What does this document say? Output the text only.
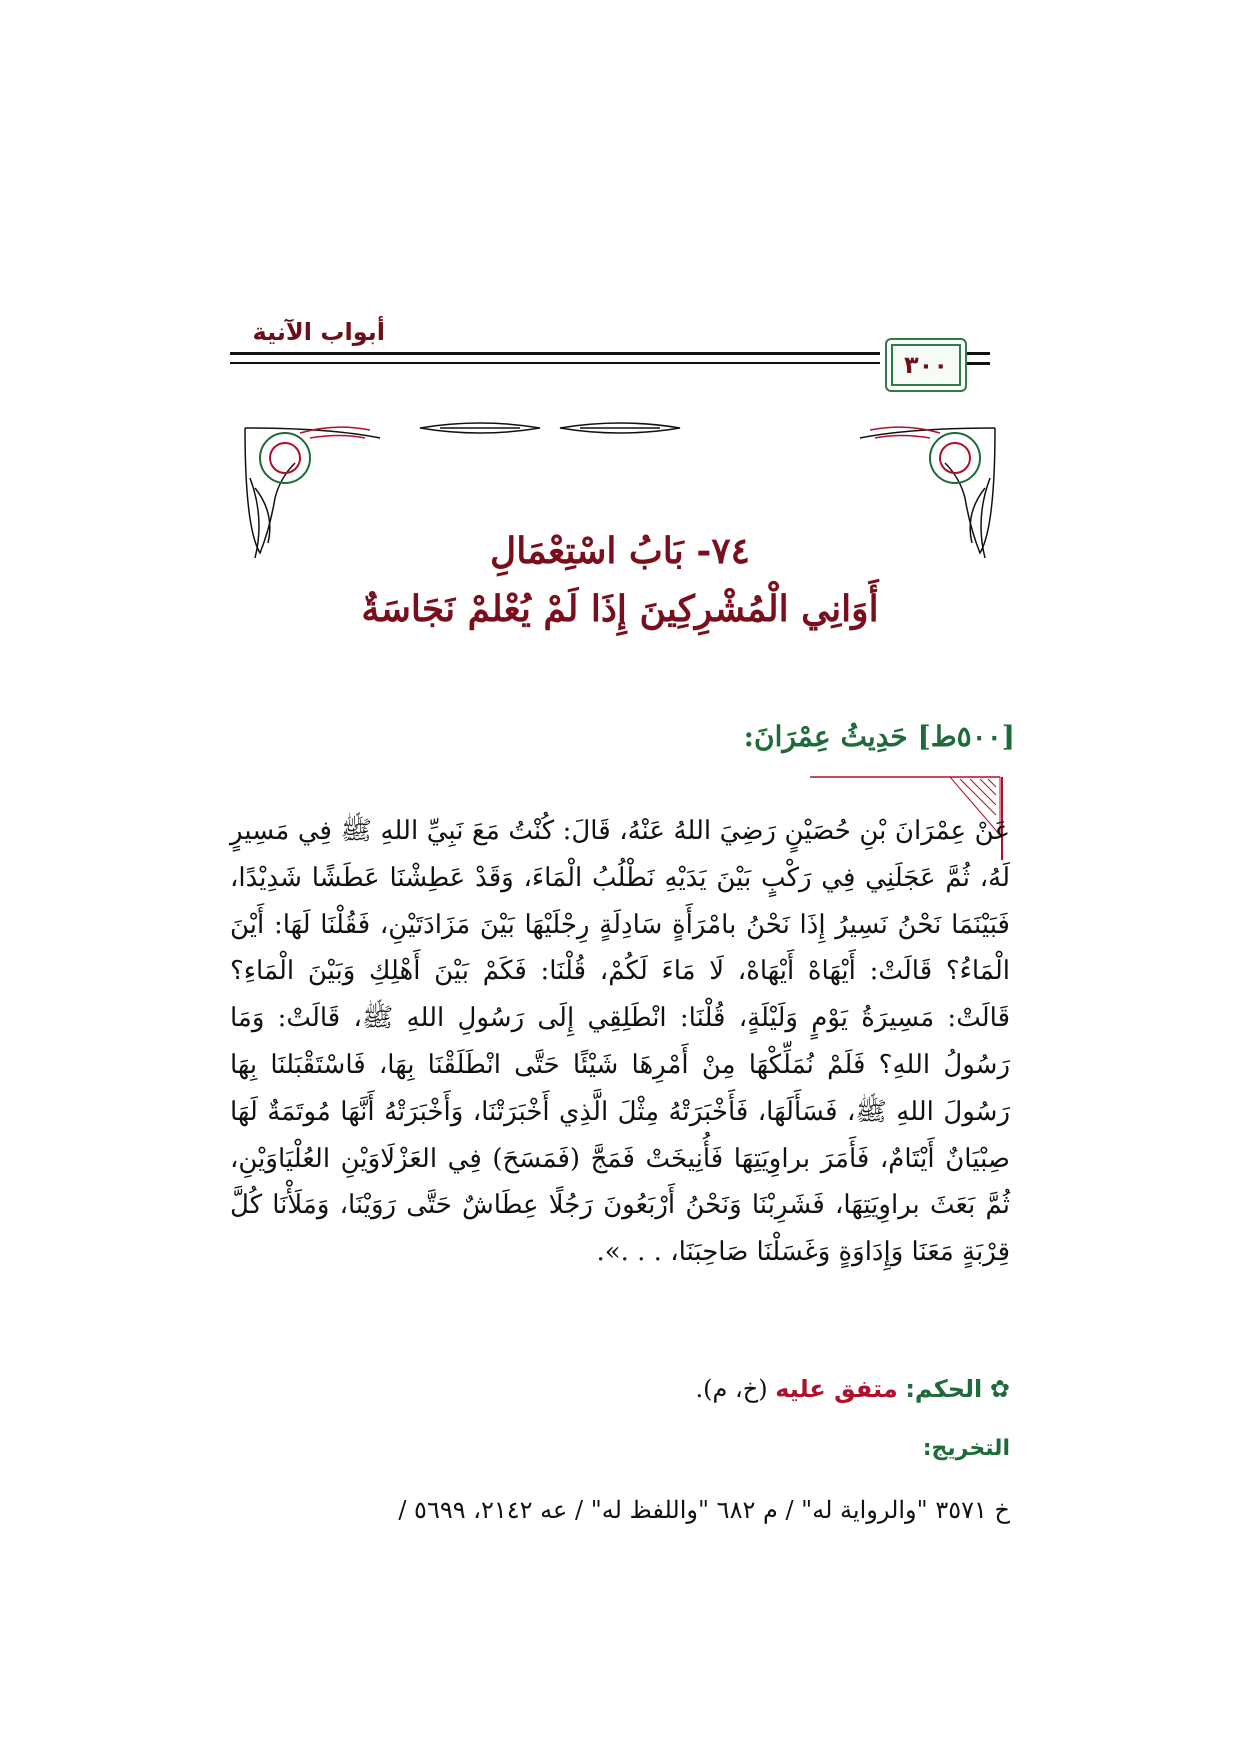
أبواب الآنية
٣٠٠
٧٤- بَابُ اسْتِعْمَالِ
أَوَانِي الْمُشْرِكِينَ إِذَا لَمْ يُعْلمْ نَجَاسَةٌ
[٥٠٠ط] حَدِيثُ عِمْرَانَ:
عَنْ عِمْرَانَ بْنِ حُصَيْنٍ رَضِيَ اللهُ عَنْهُ، قَالَ: كُنْتُ مَعَ نَبِيِّ اللهِ ﷺ فِي مَسِيرٍ لَهُ، ثُمَّ عَجَلَنِي فِي رَكْبٍ بَيْنَ يَدَيْهِ نَطْلُبُ الْمَاءَ، وَقَدْ عَطِشْنَا عَطَشًا شَدِيْدًا، فَبَيْنَمَا نَحْنُ نَسِيرُ إِذَا نَحْنُ بامْرَأَةٍ سَادِلَةٍ رِجْلَيْهَا بَيْنَ مَزَادَتَيْنِ، فَقُلْنَا لَهَا: أَيْنَ الْمَاءُ؟ قَالَتْ: أَيْهَاهْ أَيْهَاهْ، لَا مَاءَ لَكُمْ، قُلْنَا: فَكَمْ بَيْنَ أَهْلِكِ وَبَيْنَ الْمَاءِ؟ قَالَتْ: مَسِيرَةُ يَوْمٍ وَلَيْلَةٍ، قُلْنَا: انْطَلِقِي إِلَى رَسُولِ اللهِ ﷺ، قَالَتْ: وَمَا رَسُولُ اللهِ؟ فَلَمْ نُمَلِّكْهَا مِنْ أَمْرِهَا شَيْئًا حَتَّى انْطَلَقْنَا بِهَا، فَاسْتَقْبَلنَا بِهَا رَسُولَ اللهِ ﷺ، فَسَأَلَهَا، فَأَخْبَرَتْهُ مِثْلَ الَّذِي أَخْبَرَتْنَا، وَأَخْبَرَتْهُ أَنَّهَا مُوتَمَةٌ لَهَا صِبْيَانٌ أَيْتَامٌ، فَأَمَرَ براوِيَتِهَا فَأُنِيخَتْ فَمَجَّ (فَمَسَحَ) فِي العَزْلَاوَيْنِ العُلْيَاوَيْنِ، ثُمَّ بَعَثَ براوِيَتِهَا، فَشَرِبْنَا وَنَحْنُ أَرْبَعُونَ رَجُلًا عِطَاشٌ حَتَّى رَوَيْنَا، وَمَلَأْنَا كُلَّ قِرْبَةٍ مَعَنَا وَإِدَاوَةٍ وَغَسَلْنَا صَاحِبَنَا، . . .».
✿ الحكم: متفق عليه (خ، م).
التخريج:
خ ٣٥٧١ "والرواية له" / م ٦٨٢ "واللفظ له" / عه ٢١٤٢، ٥٦٩٩ /
